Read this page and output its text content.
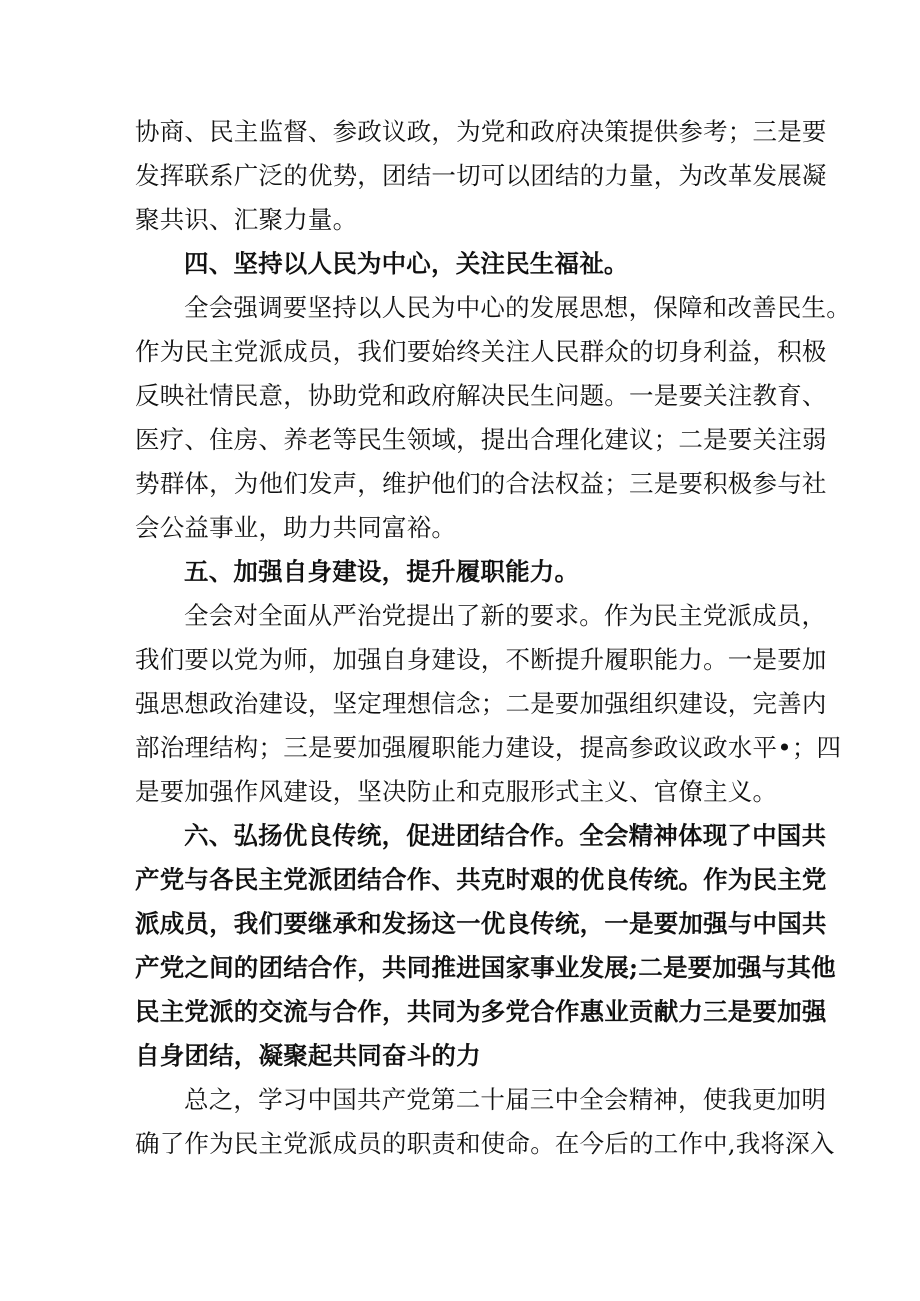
协商、民主监督、参政议政，为党和政府决策提供参考；三是要
发挥联系广泛的优势，团结一切可以团结的力量，为改革发展凝
聚共识、汇聚力量。

四、坚持以人民为中心，关注民生福祉。

全会强调要坚持以人民为中心的发展思想，保障和改善民生。
作为民主党派成员，我们要始终关注人民群众的切身利益，积极
反映社情民意，协助党和政府解决民生问题。一是要关注教育、
医疗、住房、养老等民生领域，提出合理化建议；二是要关注弱
势群体，为他们发声，维护他们的合法权益；三是要积极参与社
会公益事业，助力共同富裕。

五、加强自身建设，提升履职能力。

全会对全面从严治党提出了新的要求。作为民主党派成员，
我们要以党为师，加强自身建设，不断提升履职能力。一是要加
强思想政治建设，坚定理想信念；二是要加强组织建设，完善内
部治理结构；三是要加强履职能力建设，提高参政议政水平•；四
是要加强作风建设，坚决防止和克服形式主义、官僚主义。

六、弘扬优良传统，促进团结合作。全会精神体现了中国共
产党与各民主党派团结合作、共克时艰的优良传统。作为民主党
派成员，我们要继承和发扬这一优良传统，一是要加强与中国共
产党之间的团结合作，共同推进国家事业发展;二是要加强与其他
民主党派的交流与合作，共同为多党合作惠业贡献力三是要加强
自身团结，凝聚起共同奋斗的力

总之，学习中国共产党第二十届三中全会精神，使我更加明
确了作为民主党派成员的职责和使命。在今后的工作中,我将深入
